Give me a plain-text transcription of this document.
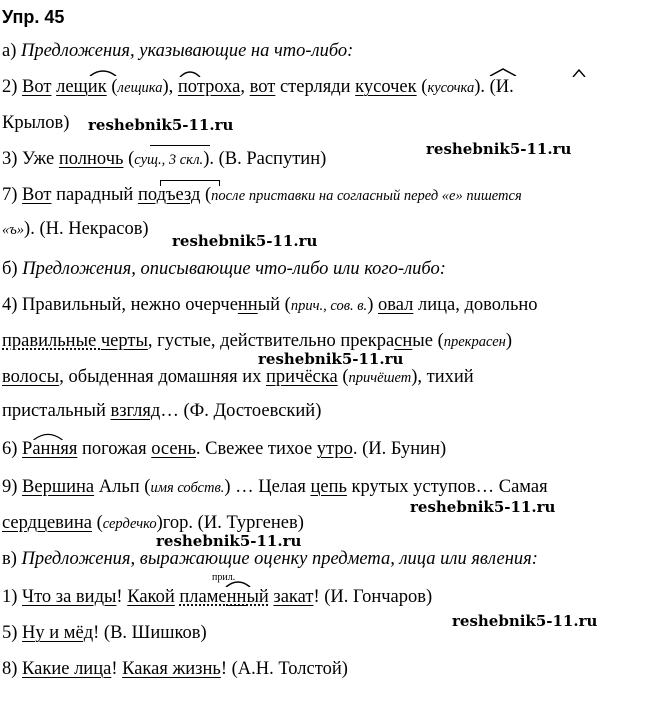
Упр. 45
а) Предложения, указывающие на что-либо:
2) Вот лещик (лещика), потроха, вот стерляди кусочек (кусочка). (И.
Крылов)
3) Уже полночь (сущ., 3 скл.). (В. Распутин)
7) Вот парадный подъезд (после приставки на согласный перед «е» пишется
«ъ»). (Н. Некрасов)
б) Предложения, описывающие что-либо или кого-либо:
4) Правильный, нежно очерченный (прич., сов. в.) овал лица, довольно
правильные черты, густые, действительно прекрасные (прекрасен)
волосы, обыденная домашняя их причёска (причёшет), тихий
пристальный взгляд… (Ф. Достоевский)
6) Ранняя погожая осень. Свежее тихое утро. (И. Бунин)
9) Вершина Альп (имя собств.) … Целая цепь крутых уступов… Самая
сердцевина (сердечко)гор. (И. Тургенев)
в) Предложения, выражающие оценку предмета, лица или явления:
прил.
1) Что за виды! Какой пламенный закат! (И. Гончаров)
5) Ну и мёд! (В. Шишков)
8) Какие лица! Какая жизнь! (А.Н. Толстой)
reshebnik5-11.ru
reshebnik5-11.ru
reshebnik5-11.ru
reshebnik5-11.ru
reshebnik5-11.ru
reshebnik5-11.ru
reshebnik5-11.ru
